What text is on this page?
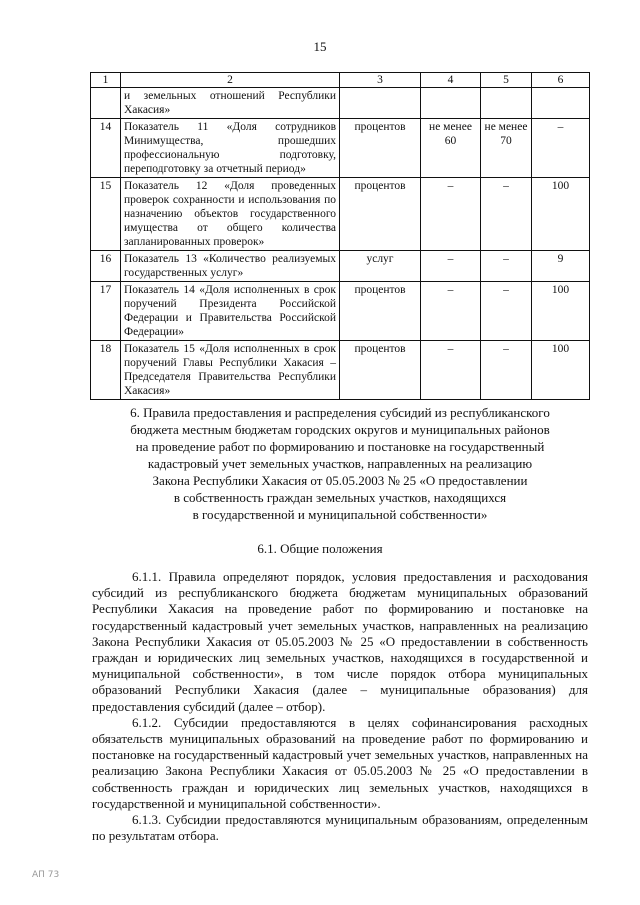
15
1	2	3	4	5	6
	и земельных отношений Республики Хакасия»				
14	Показатель 11 «Доля сотрудников Минимущества, прошедших профессиональную подготовку, переподготовку за отчетный период»	процентов	не менее 60	не менее 70	–
15	Показатель 12 «Доля проведенных проверок сохранности и использования по назначению объектов государственного имущества от общего количества запланированных проверок»	процентов	–	–	100
16	Показатель 13 «Количество реализуемых государственных услуг»	услуг	–	–	9
17	Показатель 14 «Доля исполненных в срок поручений Президента Российской Федерации и Правительства Российской Федерации»	процентов	–	–	100
18	Показатель 15 «Доля исполненных в срок поручений Главы Республики Хакасия – Председателя Правительства Республики Хакасия»	процентов	–	–	100
6. Правила предоставления и распределения субсидий из республиканского
бюджета местным бюджетам городских округов и муниципальных районов
на проведение работ по формированию и постановке на государственный
кадастровый учет земельных участков, направленных на реализацию
Закона Республики Хакасия от 05.05.2003 № 25 «О предоставлении
в собственность граждан земельных участков, находящихся
в государственной и муниципальной собственности»
6.1. Общие положения

6.1.1. Правила определяют порядок, условия предоставления и расходования субсидий из республиканского бюджета бюджетам муниципальных образований Республики Хакасия на проведение работ по формированию и постановке на государственный кадастровый учет земельных участков, направленных на реализацию Закона Республики Хакасия от 05.05.2003 № 25 «О предоставлении в собственность граждан и юридических лиц земельных участков, находящихся в государственной и муниципальной собственности», в том числе порядок отбора муниципальных образований Республики Хакасия (далее – муниципальные образования) для предоставления субсидий (далее – отбор).

6.1.2. Субсидии предоставляются в целях софинансирования расходных обязательств муниципальных образований на проведение работ по формированию и постановке на государственный кадастровый учет земельных участков, направленных на реализацию Закона Республики Хакасия от 05.05.2003 № 25 «О предоставлении в собственность граждан и юридических лиц земельных участков, находящихся в государственной и муниципальной собственности».

6.1.3. Субсидии предоставляются муниципальным образованиям, определенным по результатам отбора.

АП 73
